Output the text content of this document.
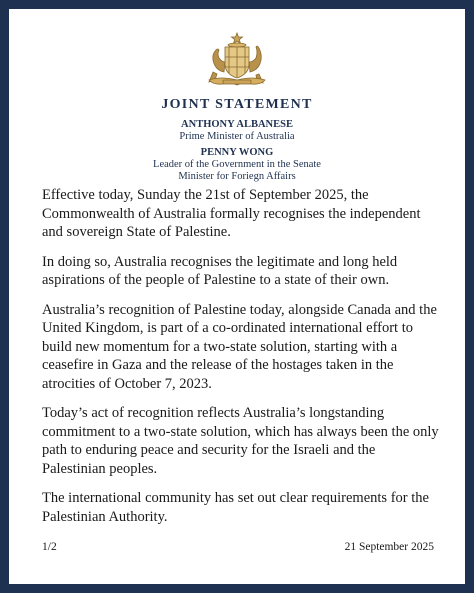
JOINT STATEMENT
ANTHONY ALBANESE
Prime Minister of Australia
PENNY WONG
Leader of the Government in the Senate
Minister for Foriegn Affairs

Effective today, Sunday the 21st of September 2025, the Commonwealth of Australia formally recognises the independent and sovereign State of Palestine.

In doing so, Australia recognises the legitimate and long held aspirations of the people of Palestine to a state of their own.

Australia’s recognition of Palestine today, alongside Canada and the United Kingdom, is part of a co-ordinated international effort to build new momentum for a two-state solution, starting with a ceasefire in Gaza and the release of the hostages taken in the atrocities of October 7, 2023.

Today’s act of recognition reflects Australia’s longstanding commitment to a two-state solution, which has always been the only path to enduring peace and security for the Israeli and the Palestinian peoples.

The international community has set out clear requirements for the Palestinian Authority.

1/2	21 September 2025
